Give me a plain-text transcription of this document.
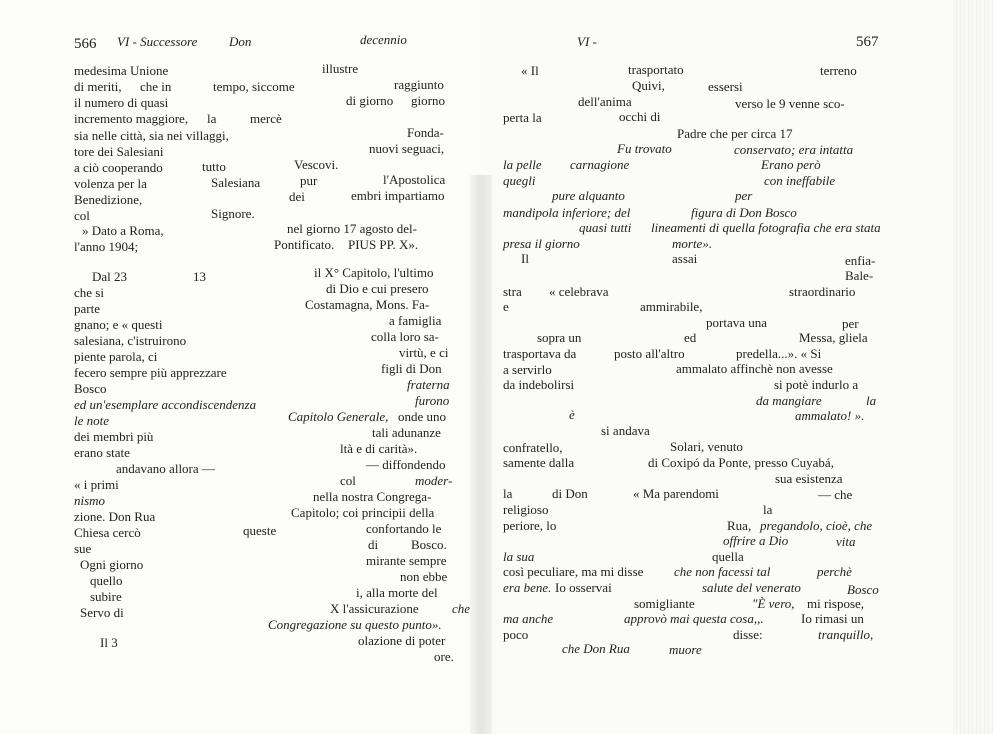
566 VI - Successore Don	decennio
medesima Unione	illustre
di meriti, che in	tempo, siccome	raggiunto
il numero di quasi	di giorno giorno
incremento maggiore, la	mercè
sia nelle città, sia nei villaggi,	Fonda-
tore dei Salesiani	nuovi seguaci,
a ciò cooperando	tutto	Vescovi.
volenza per la	Salesiana	pur	l'Apostolica
Benedizione,	dei	embri impartiamo
col	Signore.
» Dato a Roma,	nel giorno 17 agosto del-
l'anno 1904;	Pontificato. PIUS PP. X».
Dal 23	13	il X° Capitolo, l'ultimo
che si	di Dio e cui presero
parte	Costamagna, Mons. Fa-
gnano; e « questi	a famiglia
salesiana, c'istruirono	colla loro sa-
piente parola, ci	virtù, e ci
fecero sempre più apprezzare	figli di Don
Bosco	fraterna
ed un'esemplare accondiscendenza	furono
le note	Capitolo Generale, onde uno
dei membri più	tali adunanze
erano state	ltà e di carità».
andavano allora —	— diffondendo
« i primi	col	moder-
nismo	nella nostra Congrega-
zione. Don Rua	Capitolo; coi principii della
Chiesa cercò	queste	confortando le
sue	di	Bosco.
Ogni giorno	mirante sempre
quello	non ebbe
subire	i, alla morte del
Servo di	X l'assicurazione	che
Congregazione su questo punto».
Il 3	olazione di poter
ore.
VI -	567
« Il	trasportato	terreno
Quivi,	essersi
dell'anima	verso le 9 venne sco-
perta la	occhi di
Padre che per circa 17
Fu trovato	conservato; era intatta
la pelle carnagione	Erano però
quegli	con ineffabile
pure alquanto	per
mandipola inferiore; del	figura di Don Bosco
quasi tutti lineamenti di quella fotografia che era stata
presa il giorno	morte».
Il	assai	enfia-
Bale-
stra « celebrava	straordinario
e	ammirabile,
portava una	per
sopra un	ed	Messa, gliela
trasportava da	posto all'altro	predella...». « Si
a servirlo	ammalato affinchè non avesse
da indebolirsi	si potè indurlo a
da mangiare	la
ammalato! ».
è
si andava
confratello,	Solari, venuto
samente dalla	di Coxipó da Ponte, presso Cuyabá,
sua esistenza
la	di Don	« Ma parendomi	— che
religioso	la
periore, lo	Rua, pregandolo, cioè, che
offrire a Dio	vita
la sua	quella
così peculiare, ma mi disse che non facessi tal	perchè
era bene. Io osservai	salute del venerato	Bosco
somigliante	"È vero, mi rispose,
ma anche	approvò mai questa cosa,,.	Io rimasi un
poco	disse:	tranquillo,
che Don Rua	muore
